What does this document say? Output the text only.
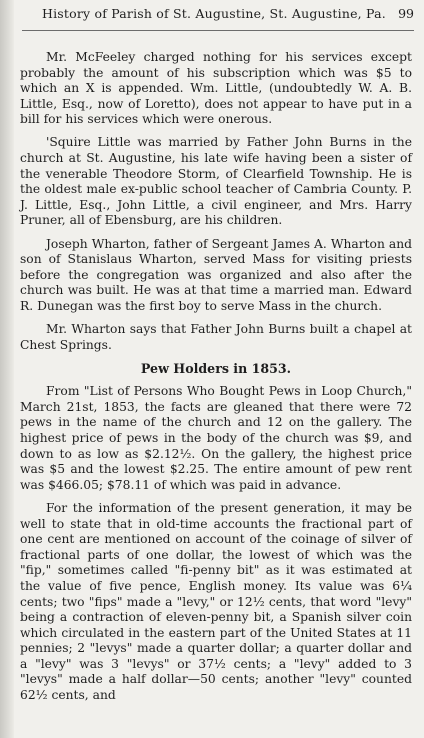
History of Parish of St. Augustine, St. Augustine, Pa. 99

Mr. McFeeley charged nothing for his services except probably the amount of his subscription which was $5 to which an X is appended. Wm. Little, (undoubtedly W. A. B. Little, Esq., now of Loretto), does not appear to have put in a bill for his services which were onerous.

'Squire Little was married by Father John Burns in the church at St. Augustine, his late wife having been a sister of the venerable Theodore Storm, of Clearfield Township. He is the oldest male ex-public school teacher of Cambria County. P. J. Little, Esq., John Little, a civil engineer, and Mrs. Harry Pruner, all of Ebensburg, are his children.

Joseph Wharton, father of Sergeant James A. Wharton and son of Stanislaus Wharton, served Mass for visiting priests before the congregation was organized and also after the church was built. He was at that time a married man. Edward R. Dunegan was the first boy to serve Mass in the church.

Mr. Wharton says that Father John Burns built a chapel at Chest Springs.

Pew Holders in 1853.

From "List of Persons Who Bought Pews in Loop Church," March 21st, 1853, the facts are gleaned that there were 72 pews in the name of the church and 12 on the gallery. The highest price of pews in the body of the church was $9, and down to as low as $2.12½. On the gallery, the highest price was $5 and the lowest $2.25. The entire amount of pew rent was $466.05; $78.11 of which was paid in advance.

For the information of the present generation, it may be well to state that in old-time accounts the fractional part of one cent are mentioned on account of the coinage of silver of fractional parts of one dollar, the lowest of which was the "fip," sometimes called "fi-penny bit" as it was estimated at the value of five pence, English money. Its value was 6¼ cents; two "fips" made a "levy," or 12½ cents, that word "levy" being a contraction of eleven-penny bit, a Spanish silver coin which circulated in the eastern part of the United States at 11 pennies; 2 "levys" made a quarter dollar; a quarter dollar and a "levy" was 3 "levys" or 37½ cents; a "levy" added to 3 "levys" made a half dollar—50 cents; another "levy" counted 62½ cents, and
